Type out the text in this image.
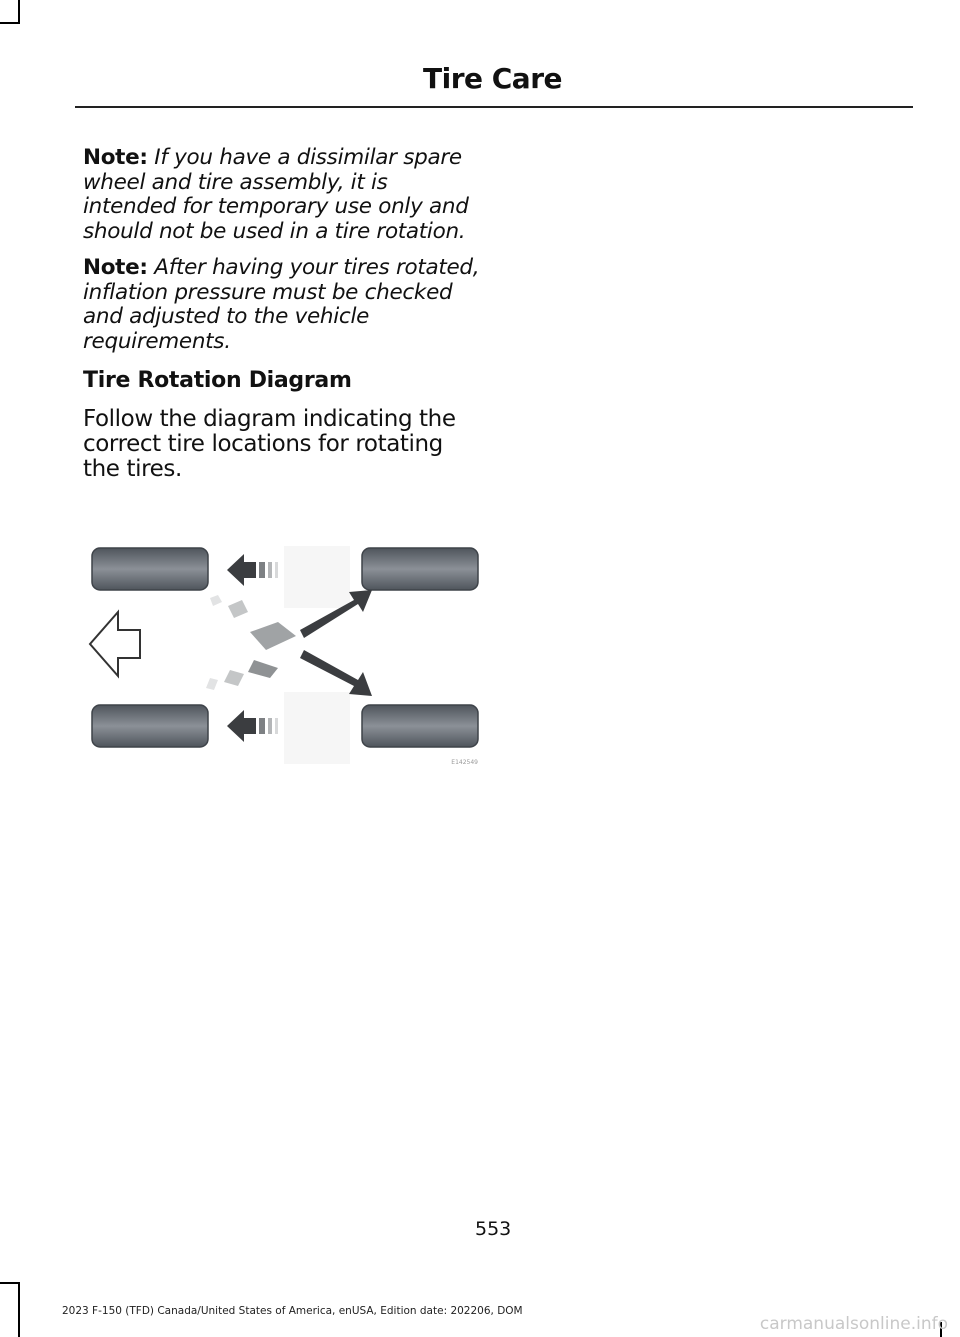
Tire Care

Note: If you have a dissimilar spare wheel and tire assembly, it is intended for temporary use only and should not be used in a tire rotation.

Note: After having your tires rotated, inflation pressure must be checked and adjusted to the vehicle requirements.

Tire Rotation Diagram

Follow the diagram indicating the correct tire locations for rotating the tires.

E142549
553
2023 F-150 (TFD) Canada/United States of America, enUSA, Edition date: 202206, DOM
carmanualsonline.info
